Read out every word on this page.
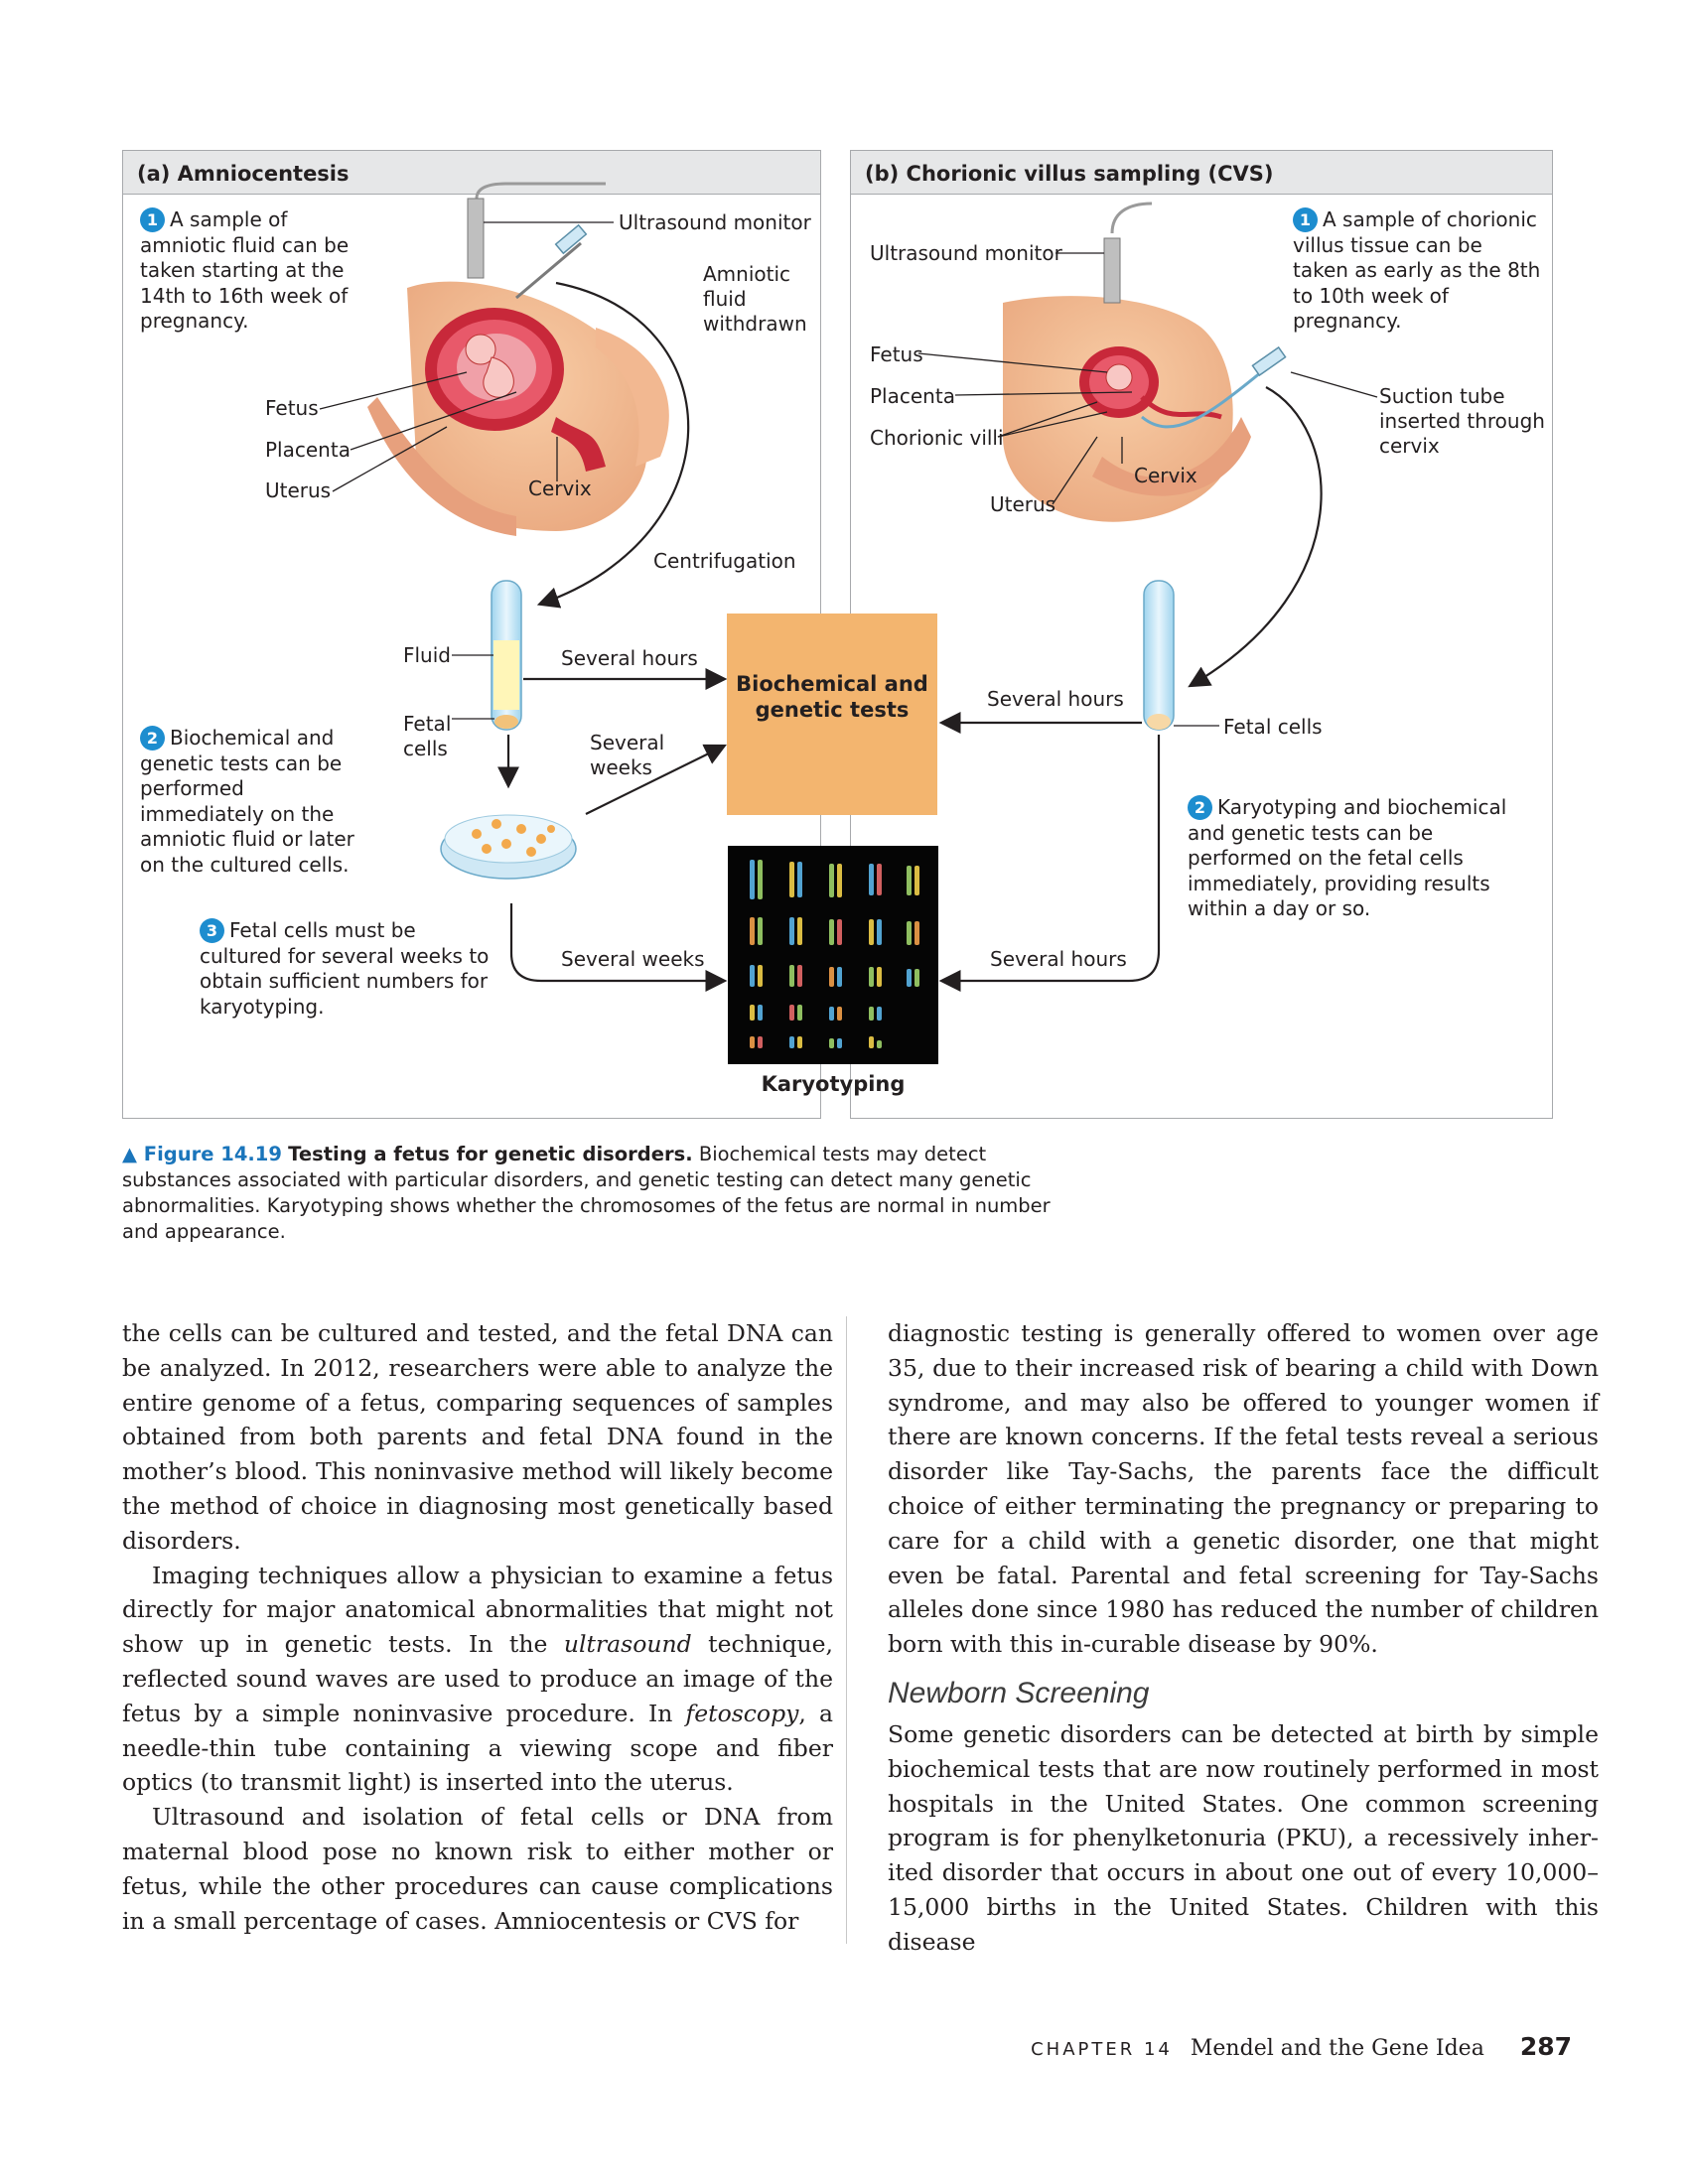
(a) Amniocentesis	(b) Chorionic villus sampling (CVS)
1 A sample of amniotic fluid can be taken starting at the 14th to 16th week of pregnancy.
Ultrasound monitor
Amniotic fluid withdrawn
Fetus
Placenta
Uterus	Cervix
Centrifugation
Fluid
Fetal cells
Several hours
Several weeks
Several weeks
2 Biochemical and genetic tests can be performed immediately on the amniotic fluid or later on the cultured cells.
3 Fetal cells must be cultured for several weeks to obtain sufficient numbers for karyotyping.
Biochemical and genetic tests
Karyotyping
Ultrasound monitor
1 A sample of chorionic villus tissue can be taken as early as the 8th to 10th week of pregnancy.
Fetus
Placenta
Chorionic villi
Uterus
Cervix
Suction tube inserted through cervix
Several hours
Fetal cells
2 Karyotyping and biochemical and genetic tests can be performed on the fetal cells immediately, providing results within a day or so.
Several hours
▲ Figure 14.19 Testing a fetus for genetic disorders. Biochemical tests may detect substances associated with particular disorders, and genetic testing can detect many genetic abnormalities. Karyotyping shows whether the chromosomes of the fetus are normal in number and appearance.

the cells can be cultured and tested, and the fetal DNA can be analyzed. In 2012, researchers were able to analyze the entire genome of a fetus, comparing sequences of samples obtained from both parents and fetal DNA found in the mother’s blood. This noninvasive method will likely become the method of choice in diagnosing most genetically based disorders.

Imaging techniques allow a physician to examine a fetus directly for major anatomical abnormalities that might not show up in genetic tests. In the ultrasound technique, reflected sound waves are used to produce an image of the fetus by a simple noninvasive procedure. In fetoscopy, a needle-thin tube containing a viewing scope and fiber optics (to transmit light) is inserted into the uterus.

Ultrasound and isolation of fetal cells or DNA from maternal blood pose no known risk to either mother or fetus, while the other procedures can cause complications in a small percentage of cases. Amniocentesis or CVS for

diagnostic testing is generally offered to women over age 35, due to their increased risk of bearing a child with Down syndrome, and may also be offered to younger women if there are known concerns. If the fetal tests reveal a serious disorder like Tay-Sachs, the parents face the difficult choice of either terminating the pregnancy or preparing to care for a child with a genetic disorder, one that might even be fatal. Parental and fetal screening for Tay-Sachs alleles done since 1980 has reduced the number of children born with this in-curable disease by 90%.

Newborn Screening

Some genetic disorders can be detected at birth by simple biochemical tests that are now routinely performed in most hospitals in the United States. One common screening program is for phenylketonuria (PKU), a recessively inher-ited disorder that occurs in about one out of every 10,000–15,000 births in the United States. Children with this disease

CHAPTER 14 Mendel and the Gene Idea 287
